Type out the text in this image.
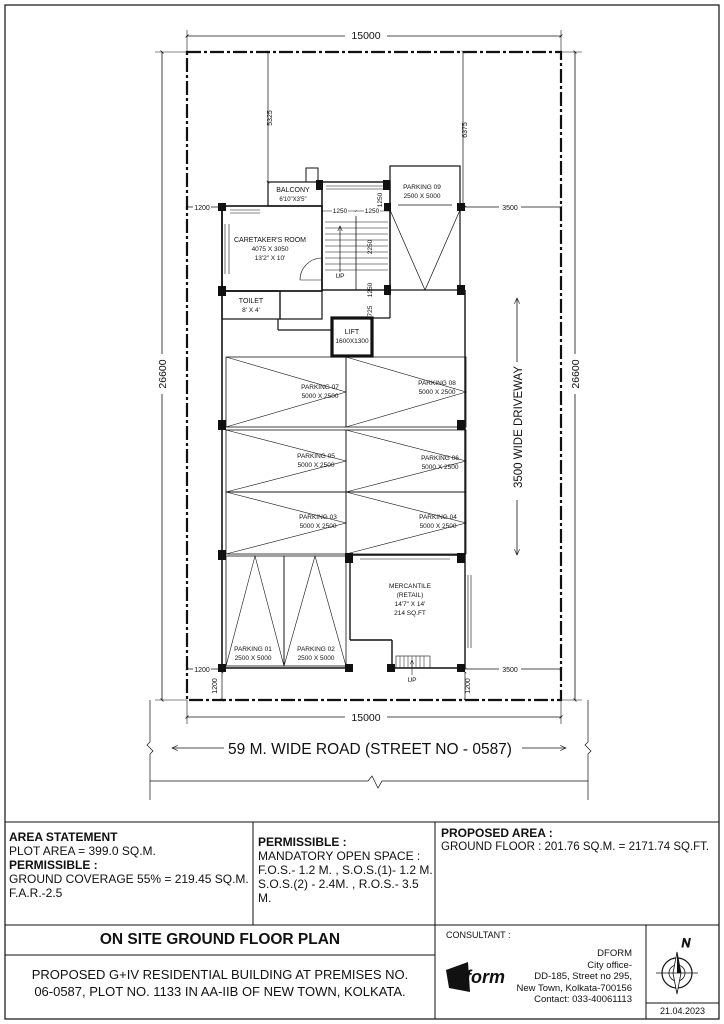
15000
26600	26600
5325
6375
1200	3500
1200	3500
1200	1200
15000
59 M. WIDE ROAD (STREET NO - 0587)
3500 WIDE DRIVEWAY
1250	1250
1250
2250
1250
725
BALCONY
6'10"X3'5"
CARETAKER'S ROOM
4075 X 3050
13'2" X 10'
TOILET
8' X 4'
UP
LIFT
1600X1300
PARKING 09
2500 X 5000
PARKING 07
5000 X 2500
PARKING 08
5000 X 2500
PARKING 05
5000 X 2500
PARKING 06
5000 X 2500
PARKING 03
5000 X 2500
PARKING 04
5000 X 2500
PARKING 01
2500 X 5000
PARKING 02
2500 X 5000
MERCANTILE
(RETAIL)
14'7" X 14'
214 SQ.FT
UP
N
Dform

AREA STATEMENT

PLOT AREA = 399.0 SQ.M.

PERMISSIBLE :

GROUND COVERAGE 55% = 219.45 SQ.M.

F.A.R.-2.5

PERMISSIBLE :

MANDATORY OPEN SPACE :

F.O.S.- 1.2 M. , S.O.S.(1)- 1.2 M.

S.O.S.(2) - 2.4M. , R.O.S.- 3.5 M.

PROPOSED AREA :

GROUND FLOOR : 201.76 SQ.M. = 2171.74 SQ.FT.

ON SITE GROUND FLOOR PLAN

PROPOSED G+IV RESIDENTIAL BUILDING AT PREMISES NO.

06-0587, PLOT NO. 1133 IN AA-IIB OF NEW TOWN, KOLKATA.

CONSULTANT :

DFORM

City office-

DD-185, Street no 295,

New Town, Kolkata-700156

Contact: 033-40061113

21.04.2023
